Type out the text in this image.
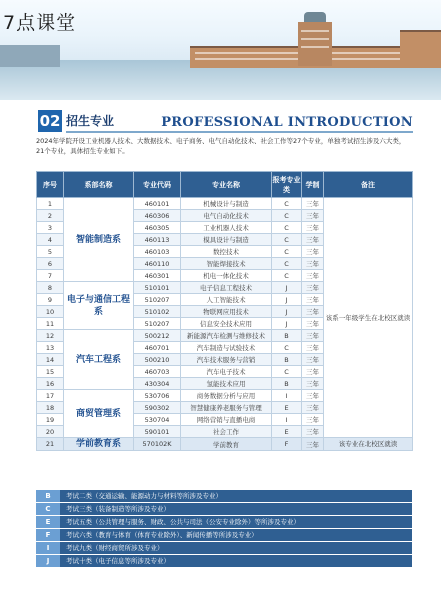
7点课堂
02 招生专业	PROFESSIONAL INTRODUCTION
2024年学院开设工业机器人技术、大数据技术、电子商务、电气自动化技术、社会工作等27个专业，单独考试招生涉及六大类，21个专业，具体招生专业如下。
序号	系部名称	专业代码	专业名称	报考专业类	学制	备注
1	智能制造系	460101	机械设计与制造	C	三年	该系一年级学生在北校区就读
2		460306	电气自动化技术	C	三年	
3		460305	工业机器人技术	C	三年	
4		460113	模具设计与制造	C	三年	
5		460103	数控技术	C	三年	
6		460110	智能焊接技术	C	三年	
7		460301	机电一体化技术	C	三年	
8	电子与通信工程系	510101	电子信息工程技术	J	三年	
9		510207	人工智能技术	J	三年	
10		510102	物联网应用技术	J	三年	
11		510207	信息安全技术应用	J	三年	
12	汽车工程系	500212	新能源汽车检测与维修技术	B	三年	
13		460701	汽车制造与试验技术	C	三年	
14		500210	汽车技术服务与营销	B	三年	
15		460703	汽车电子技术	C	三年	
16		430304	氢能技术应用	B	三年	
17	商贸管理系	530706	商务数据分析与应用	I	三年	
18		590302	智慧健康养老服务与管理	E	三年	
19		530704	网络营销与直播电商	I	三年	
20		590101	社会工作	E	三年	
21	学前教育系	570102K	学前教育	F	三年	该专业在北校区就读
B	考试二类（交通运输、能源动力与材料等所涉及专业）
C	考试三类（装备制造等所涉及专业）
E	考试五类（公共管理与服务、财政、公共与司法（公安专业除外）等所涉及专业）
F	考试六类（教育与体育（体育专业除外）、新闻传播等所涉及专业）
I	考试九类（财经商贸所涉及专业）
J	考试十类（电子信息等所涉及专业）
